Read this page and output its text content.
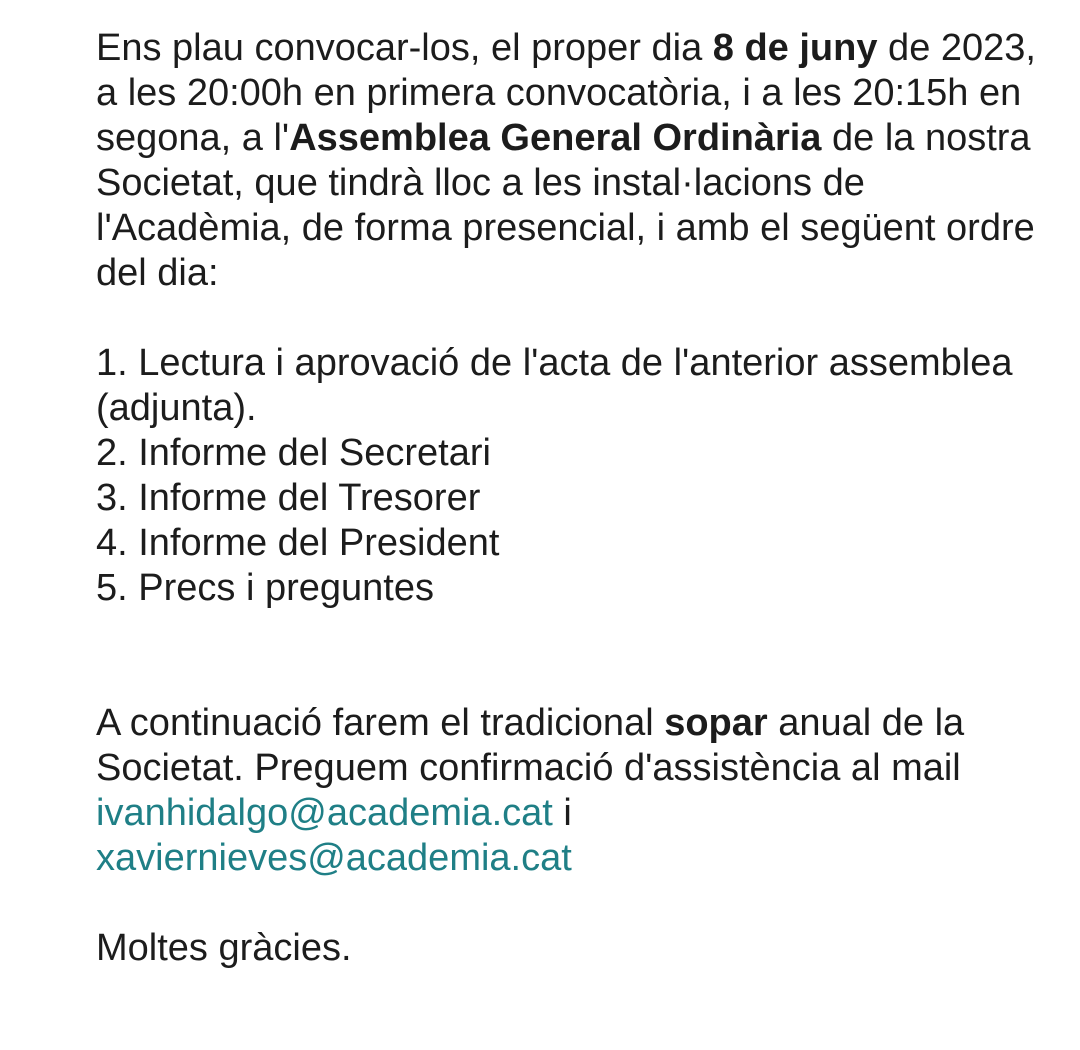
Ens plau convocar-los, el proper dia 8 de juny de 2023, a les 20:00h en primera convocatòria, i a les 20:15h en segona, a l'Assemblea General Ordinària de la nostra Societat, que tindrà lloc a les instal·lacions de l'Acadèmia, de forma presencial, i amb el següent ordre del dia:

1. Lectura i aprovació de l'acta de l'anterior assemblea (adjunta).
2. Informe del Secretari
3. Informe del Tresorer
4. Informe del President
5. Precs i preguntes

A continuació farem el tradicional sopar anual de la Societat. Preguem confirmació d'assistència al mail ivanhidalgo@academia.cat i xaviernieves@academia.cat

Moltes gràcies.
